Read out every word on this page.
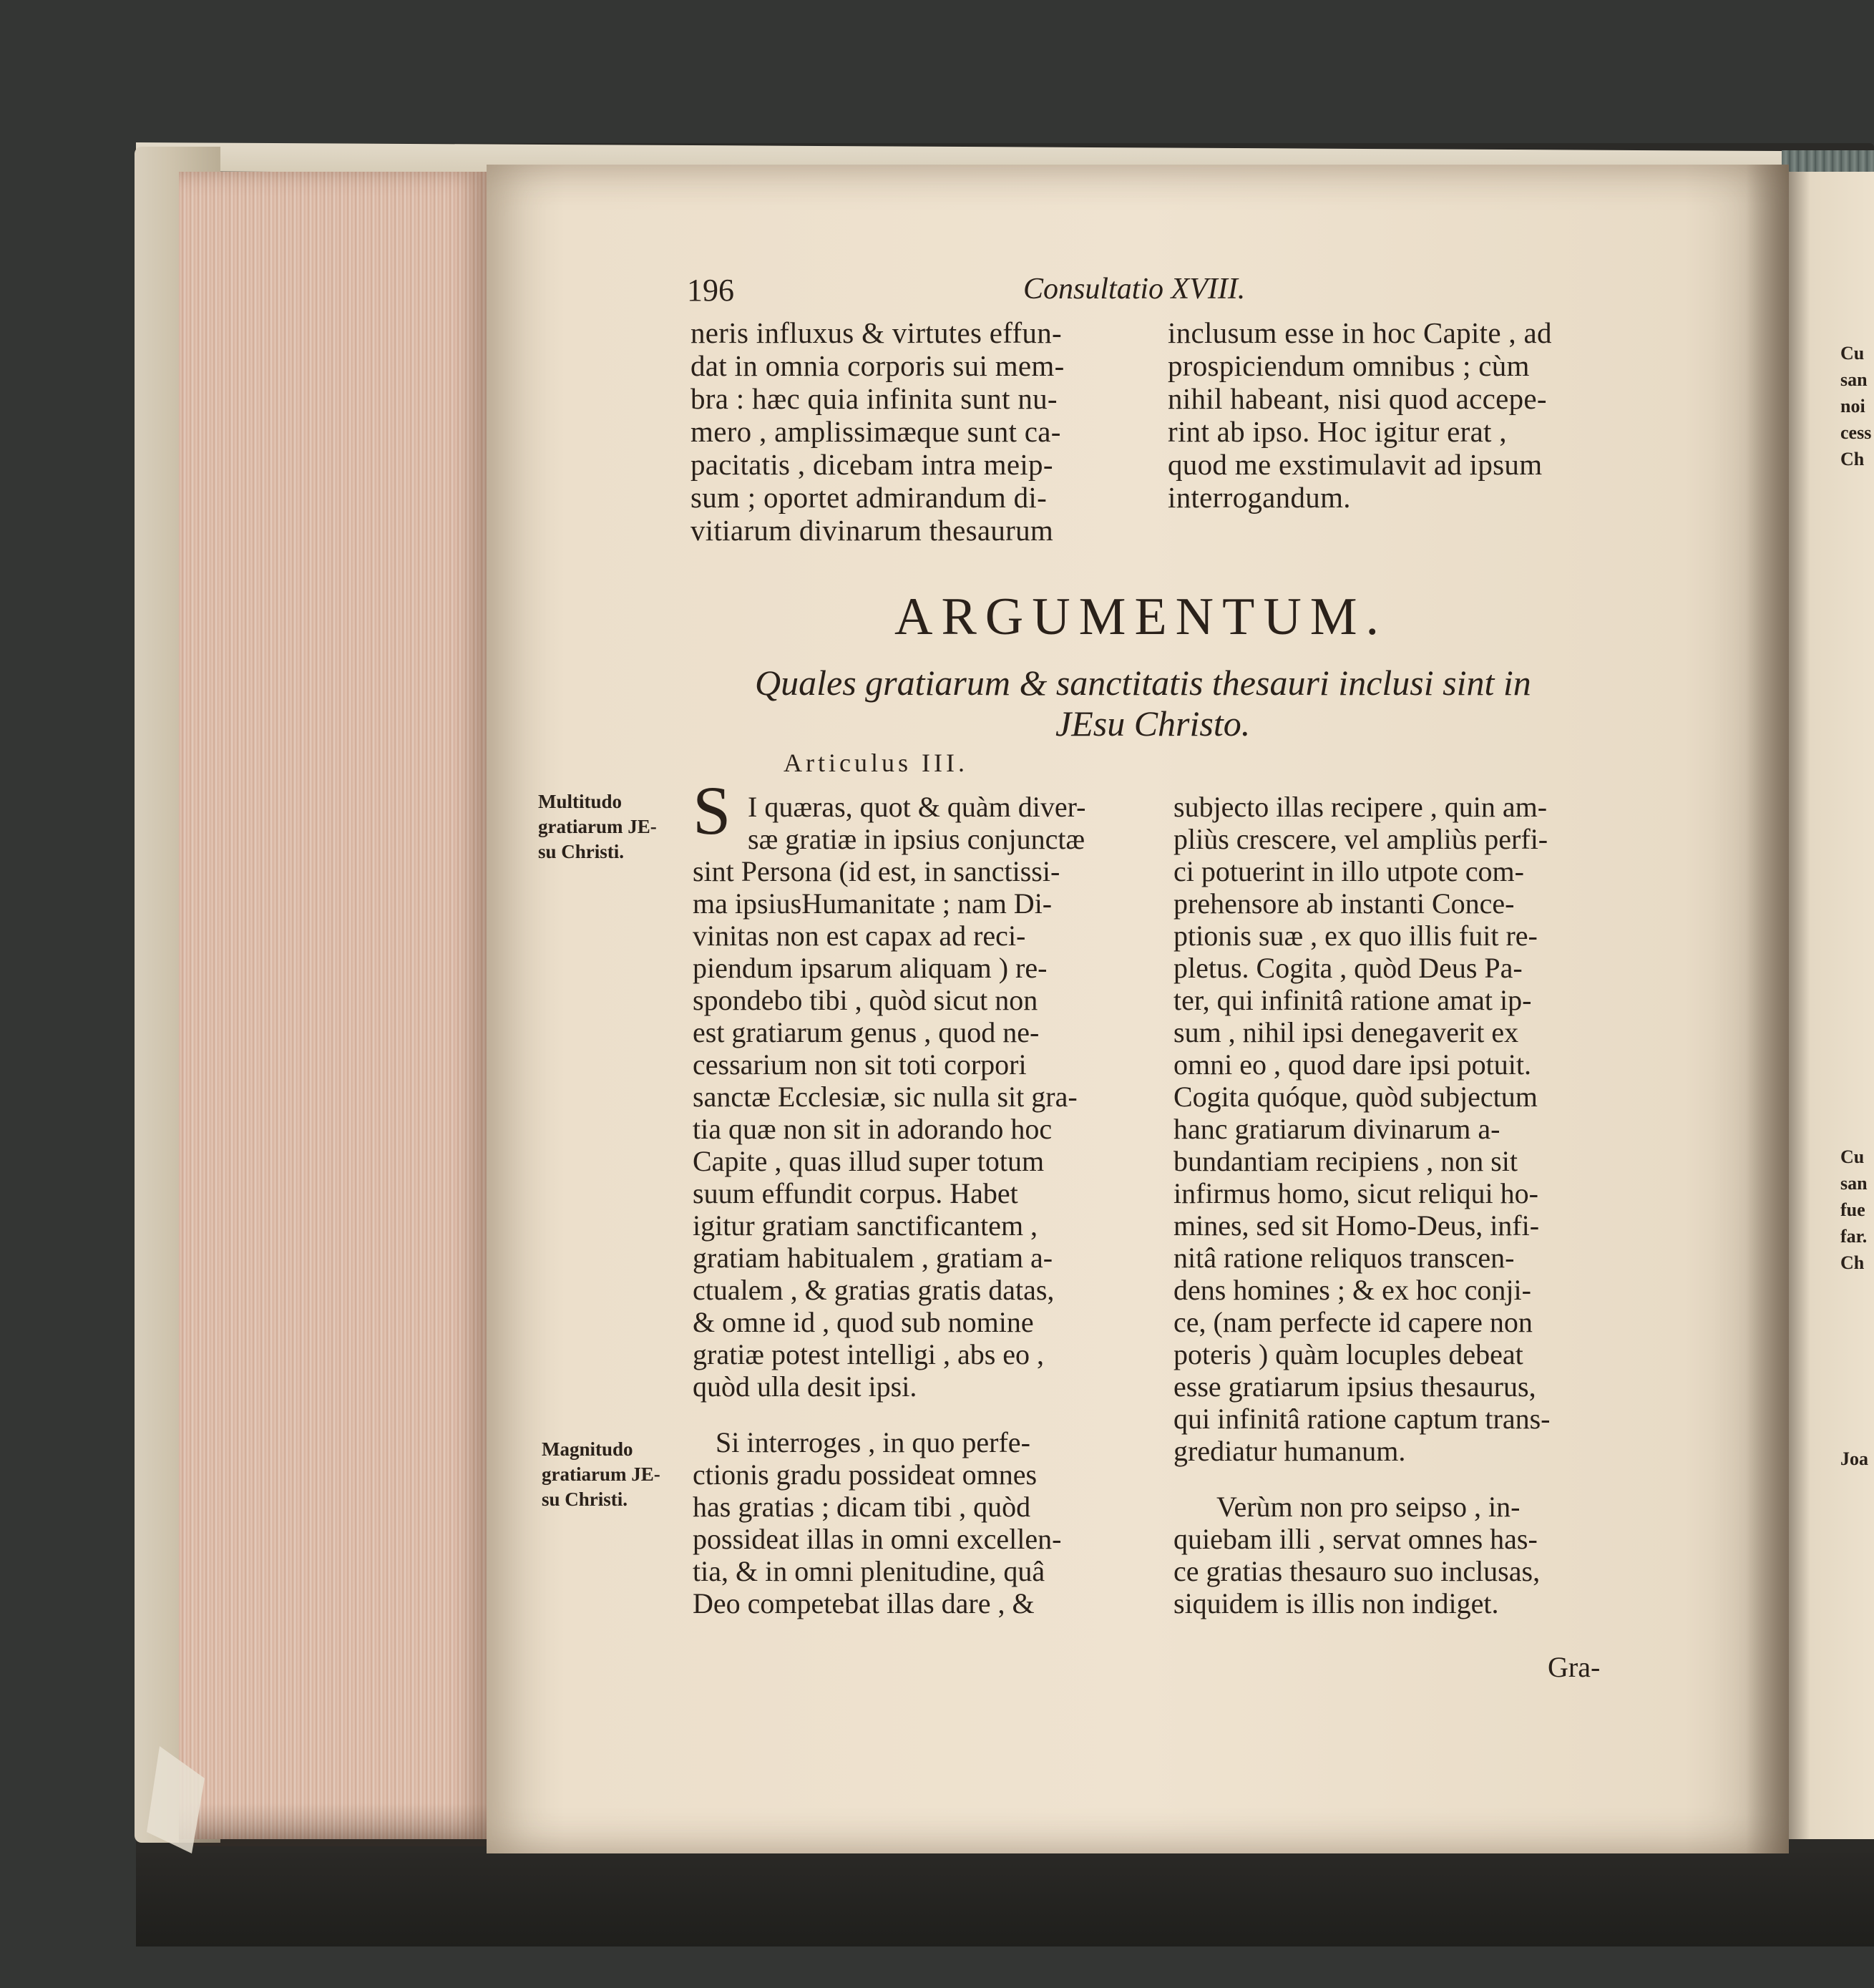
196	Consultatio XVIII.
neris influxus & virtutes effun-
dat in omnia corporis sui mem-
bra : hæc quia infinita sunt nu-
mero , amplissimæque sunt ca-
pacitatis , dicebam intra meip-
sum ; oportet admirandum di-
vitiarum divinarum thesaurum
inclusum esse in hoc Capite , ad
prospiciendum omnibus ; cùm
nihil habeant, nisi quod accepe-
rint ab ipso. Hoc igitur erat ,
quod me exstimulavit ad ipsum
interrogandum.
ARGUMENTUM.
Quales gratiarum & sanctitatis thesauri inclusi sint in
JEsu Christo.
Articulus III.
Multitudo
gratiarum JE-
su Christi.
Magnitudo
gratiarum JE-
su Christi.
S I quæras, quot & quàm diver-
sæ gratiæ in ipsius conjunctæ
sint Persona (id est, in sanctissi-
ma ipsiusHumanitate ; nam Di-
vinitas non est capax ad reci-
piendum ipsarum aliquam ) re-
spondebo tibi , quòd sicut non
est gratiarum genus , quod ne-
cessarium non sit toti corpori
sanctæ Ecclesiæ, sic nulla sit gra-
tia quæ non sit in adorando hoc
Capite , quas illud super totum
suum effundit corpus. Habet
igitur gratiam sanctificantem ,
gratiam habitualem , gratiam a-
ctualem , & gratias gratis datas,
& omne id , quod sub nomine
gratiæ potest intelligi , abs eo ,
quòd ulla desit ipsi.
Si interroges , in quo perfe-
ctionis gradu possideat omnes
has gratias ; dicam tibi , quòd
possideat illas in omni excellen-
tia, & in omni plenitudine, quâ
Deo competebat illas dare , &
subjecto illas recipere , quin am-
pliùs crescere, vel ampliùs perfi-
ci potuerint in illo utpote com-
prehensore ab instanti Conce-
ptionis suæ , ex quo illis fuit re-
pletus. Cogita , quòd Deus Pa-
ter, qui infinitâ ratione amat ip-
sum , nihil ipsi denegaverit ex
omni eo , quod dare ipsi potuit.
Cogita quóque, quòd subjectum
hanc gratiarum divinarum a-
bundantiam recipiens , non sit
infirmus homo, sicut reliqui ho-
mines, sed sit Homo-Deus, infi-
nitâ ratione reliquos transcen-
dens homines ; & ex hoc conji-
ce, (nam perfecte id capere non
poteris ) quàm locuples debeat
esse gratiarum ipsius thesaurus,
qui infinitâ ratione captum trans-
grediatur humanum.
Verùm non pro seipso , in-
quiebam illi , servat omnes has-
ce gratias thesauro suo inclusas,
siquidem is illis non indiget.
Gra-
Cu
san
noi
cess
Ch
Cu
san
fue
far.
Ch
Joa
